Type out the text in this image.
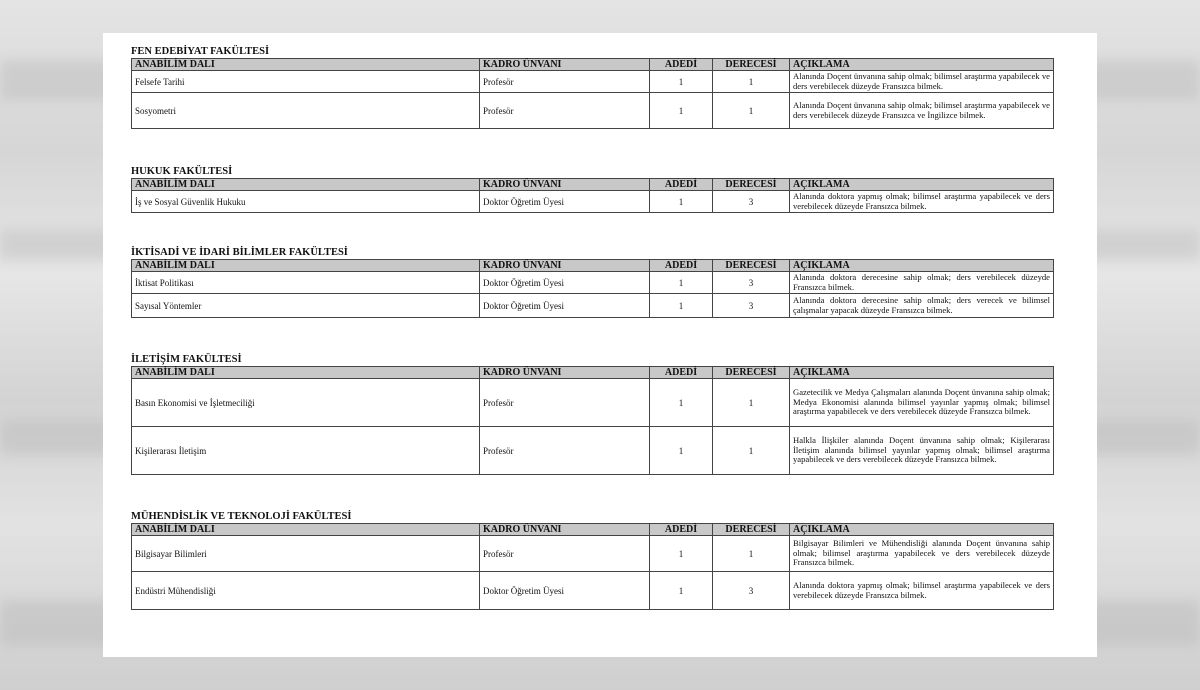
FEN EDEBİYAT FAKÜLTESİ
ANABİLİM DALI	KADRO ÜNVANI	ADEDİ	DERECESİ	AÇIKLAMA
Felsefe Tarihi	Profesör	1	1	Alanında Doçent ünvanına sahip olmak; bilimsel araştırma yapabilecek ve ders verebilecek düzeyde Fransızca bilmek.
Sosyometri	Profesör	1	1	Alanında Doçent ünvanına sahip olmak; bilimsel araştırma yapabilecek ve ders verebilecek düzeyde Fransızca ve İngilizce bilmek.
HUKUK FAKÜLTESİ
ANABİLİM DALI	KADRO ÜNVANI	ADEDİ	DERECESİ	AÇIKLAMA
İş ve Sosyal Güvenlik Hukuku	Doktor Öğretim Üyesi	1	3	Alanında doktora yapmış olmak; bilimsel araştırma yapabilecek ve ders verebilecek düzeyde Fransızca bilmek.
İKTİSADİ VE İDARİ BİLİMLER FAKÜLTESİ
ANABİLİM DALI	KADRO ÜNVANI	ADEDİ	DERECESİ	AÇIKLAMA
İktisat Politikası	Doktor Öğretim Üyesi	1	3	Alanında doktora derecesine sahip olmak; ders verebilecek düzeyde Fransızca bilmek.
Sayısal Yöntemler	Doktor Öğretim Üyesi	1	3	Alanında doktora derecesine sahip olmak; ders verecek ve bilimsel çalışmalar yapacak düzeyde Fransızca bilmek.
İLETİŞİM FAKÜLTESİ
ANABİLİM DALI	KADRO ÜNVANI	ADEDİ	DERECESİ	AÇIKLAMA
Basın Ekonomisi ve İşletmeciliği	Profesör	1	1	Gazetecilik ve Medya Çalışmaları alanında Doçent ünvanına sahip olmak; Medya Ekonomisi alanında bilimsel yayınlar yapmış olmak; bilimsel araştırma yapabilecek ve ders verebilecek düzeyde Fransızca bilmek.
Kişilerarası İletişim	Profesör	1	1	Halkla İlişkiler alanında Doçent ünvanına sahip olmak; Kişilerarası İletişim alanında bilimsel yayınlar yapmış olmak; bilimsel araştırma yapabilecek ve ders verebilecek düzeyde Fransızca bilmek.
MÜHENDİSLİK VE TEKNOLOJİ FAKÜLTESİ
ANABİLİM DALI	KADRO ÜNVANI	ADEDİ	DERECESİ	AÇIKLAMA
Bilgisayar Bilimleri	Profesör	1	1	Bilgisayar Bilimleri ve Mühendisliği alanında Doçent ünvanına sahip olmak; bilimsel araştırma yapabilecek ve ders verebilecek düzeyde Fransızca bilmek.
Endüstri Mühendisliği	Doktor Öğretim Üyesi	1	3	Alanında doktora yapmış olmak; bilimsel araştırma yapabilecek ve ders verebilecek düzeyde Fransızca bilmek.
